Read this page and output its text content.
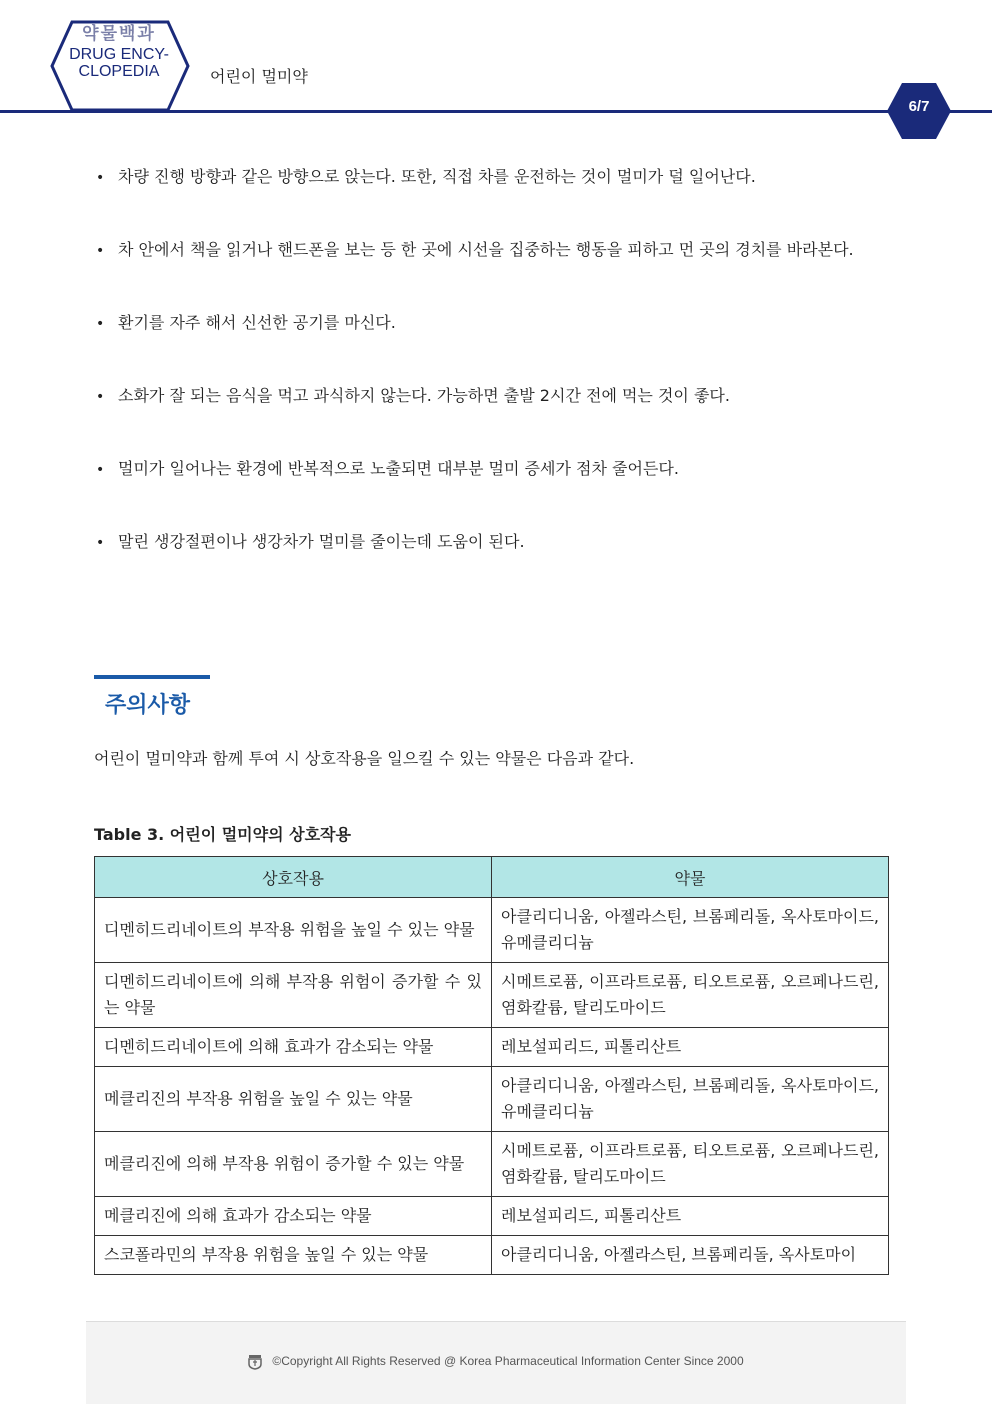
약물백과
DRUG ENCY-
CLOPEDIA	어린이 멀미약
6/7
• 차량 진행 방향과 같은 방향으로 앉는다. 또한, 직접 차를 운전하는 것이 멀미가 덜 일어난다.
• 차 안에서 책을 읽거나 핸드폰을 보는 등 한 곳에 시선을 집중하는 행동을 피하고 먼 곳의 경치를 바라본다.
• 환기를 자주 해서 신선한 공기를 마신다.
• 소화가 잘 되는 음식을 먹고 과식하지 않는다. 가능하면 출발 2시간 전에 먹는 것이 좋다.
• 멀미가 일어나는 환경에 반복적으로 노출되면 대부분 멀미 증세가 점차 줄어든다.
• 말린 생강절편이나 생강차가 멀미를 줄이는데 도움이 된다.
주의사항
어린이 멀미약과 함께 투여 시 상호작용을 일으킬 수 있는 약물은 다음과 같다.
Table 3. 어린이 멀미약의 상호작용
상호작용	약물
디멘히드리네이트의 부작용 위험을 높일 수 있는 약물	아클리디니움, 아젤라스틴, 브롬페리돌, 옥사토마이드, 유메클리디늄
디멘히드리네이트에 의해 부작용 위험이 증가할 수 있는 약물	시메트로퓸, 이프라트로퓸, 티오트로퓸, 오르페나드린, 염화칼륨, 탈리도마이드
디멘히드리네이트에 의해 효과가 감소되는 약물	레보설피리드, 피톨리산트
메클리진의 부작용 위험을 높일 수 있는 약물	아클리디니움, 아젤라스틴, 브롬페리돌, 옥사토마이드, 유메클리디늄
메클리진에 의해 부작용 위험이 증가할 수 있는 약물	시메트로퓸, 이프라트로퓸, 티오트로퓸, 오르페나드린, 염화칼륨, 탈리도마이드
메클리진에 의해 효과가 감소되는 약물	레보설피리드, 피톨리산트
스코폴라민의 부작용 위험을 높일 수 있는 약물	아클리디니움, 아젤라스틴, 브롬페리돌, 옥사토마이
©Copyright All Rights Reserved @ Korea Pharmaceutical Information Center Since 2000
